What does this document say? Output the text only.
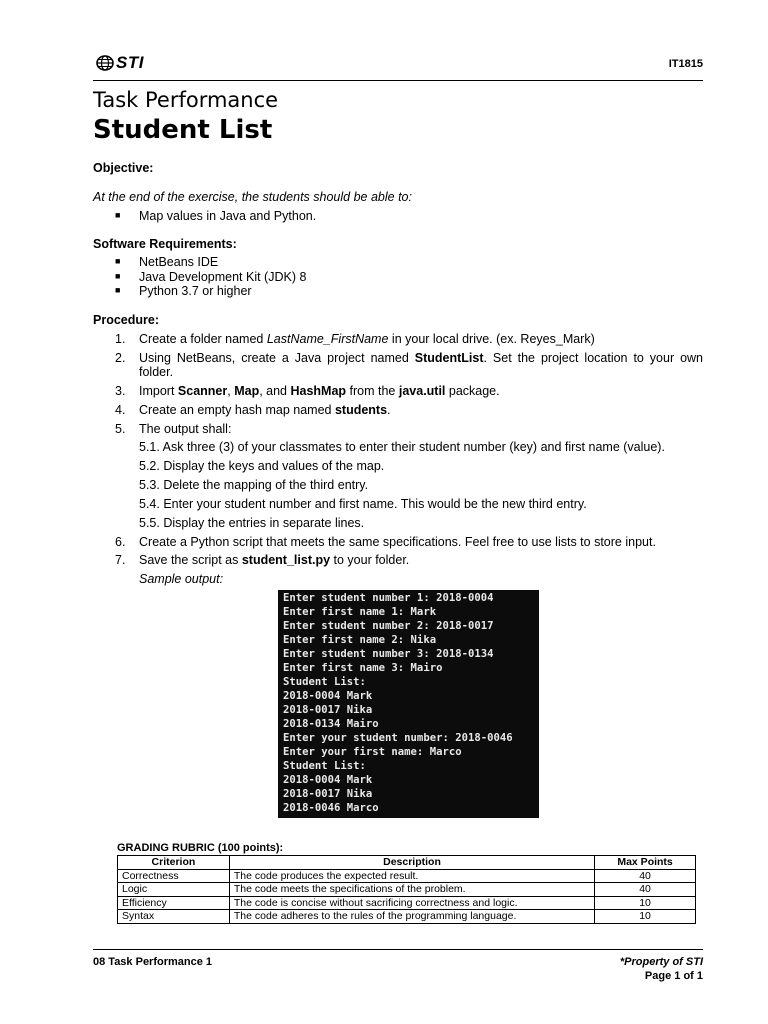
STI	IT1815
Task Performance
Student List
Objective:
At the end of the exercise, the students should be able to:
■ Map values in Java and Python.
Software Requirements:
■ NetBeans IDE
■ Java Development Kit (JDK) 8
■ Python 3.7 or higher
Procedure:
1. Create a folder named LastName_FirstName in your local drive. (ex. Reyes_Mark)
2. Using NetBeans, create a Java project named StudentList. Set the project location to your own folder.
3. Import Scanner, Map, and HashMap from the java.util package.
4. Create an empty hash map named students.
5. The output shall:
5.1. Ask three (3) of your classmates to enter their student number (key) and first name (value).
5.2. Display the keys and values of the map.
5.3. Delete the mapping of the third entry.
5.4. Enter your student number and first name. This would be the new third entry.
5.5. Display the entries in separate lines.
6. Create a Python script that meets the same specifications. Feel free to use lists to store input.
7. Save the script as student_list.py to your folder.
Sample output:
Enter student number 1: 2018-0004
Enter first name 1: Mark
Enter student number 2: 2018-0017
Enter first name 2: Nika
Enter student number 3: 2018-0134
Enter first name 3: Mairo
Student List:
2018-0004 Mark
2018-0017 Nika
2018-0134 Mairo
Enter your student number: 2018-0046
Enter your first name: Marco
Student List:
2018-0004 Mark
2018-0017 Nika
2018-0046 Marco
GRADING RUBRIC (100 points):
Criterion	Description	Max Points
Correctness	The code produces the expected result.	40
Logic	The code meets the specifications of the problem.	40
Efficiency	The code is concise without sacrificing correctness and logic.	10
Syntax	The code adheres to the rules of the programming language.	10
08 Task Performance 1	*Property of STI
Page 1 of 1
